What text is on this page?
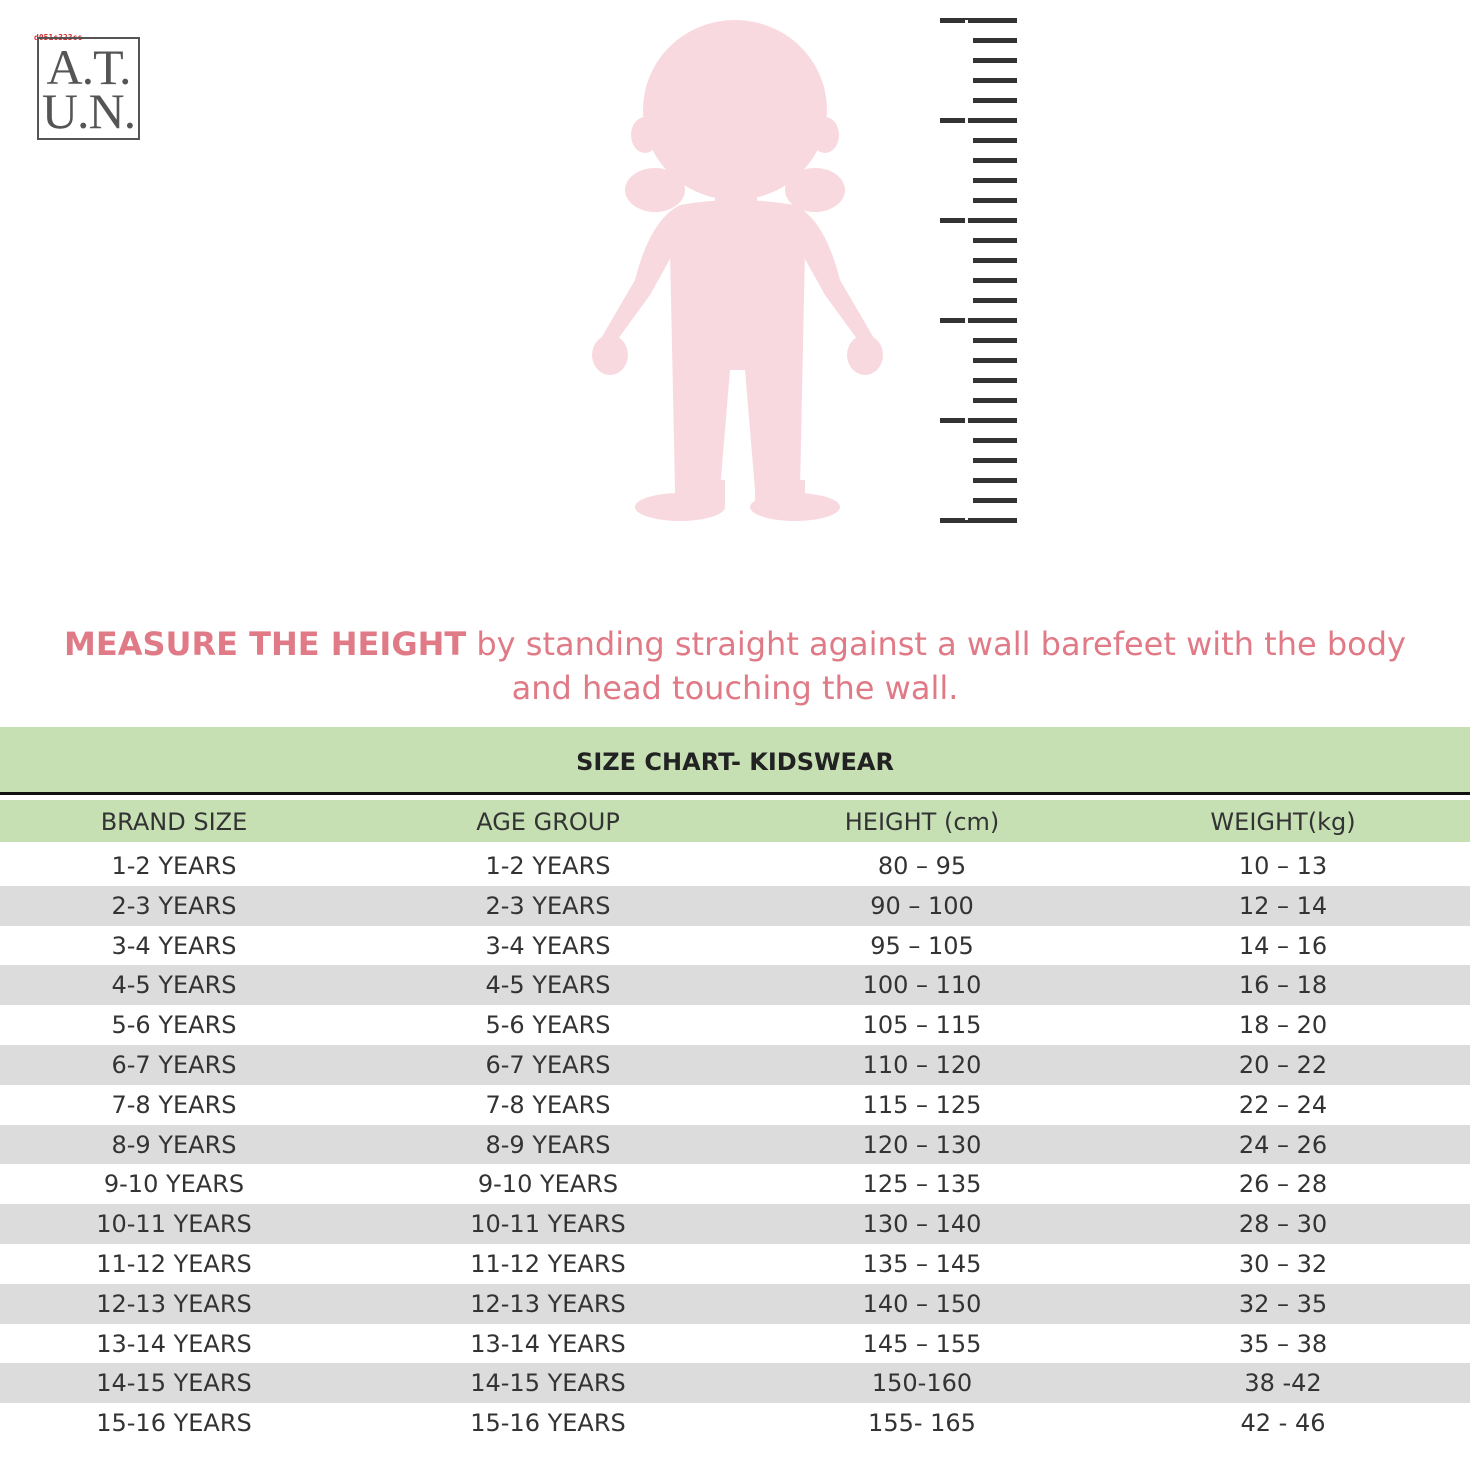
d051c323cc
A.T.
U.N.
MEASURE THE HEIGHT by standing straight against a wall barefeet with the body and head touching the wall.
SIZE CHART- KIDSWEAR
BRAND SIZE	AGE GROUP	HEIGHT (cm)	WEIGHT(kg)
1-2 YEARS	1-2 YEARS	80 – 95	10 – 13
2-3 YEARS	2-3 YEARS	90 – 100	12 – 14
3-4 YEARS	3-4 YEARS	95 – 105	14 – 16
4-5 YEARS	4-5 YEARS	100 – 110	16 – 18
5-6 YEARS	5-6 YEARS	105 – 115	18 – 20
6-7 YEARS	6-7 YEARS	110 – 120	20 – 22
7-8 YEARS	7-8 YEARS	115 – 125	22 – 24
8-9 YEARS	8-9 YEARS	120 – 130	24 – 26
9-10 YEARS	9-10 YEARS	125 – 135	26 – 28
10-11 YEARS	10-11 YEARS	130 – 140	28 – 30
11-12 YEARS	11-12 YEARS	135 – 145	30 – 32
12-13 YEARS	12-13 YEARS	140 – 150	32 – 35
13-14 YEARS	13-14 YEARS	145 – 155	35 – 38
14-15 YEARS	14-15 YEARS	150-160	38 -42
15-16 YEARS	15-16 YEARS	155- 165	42 - 46
